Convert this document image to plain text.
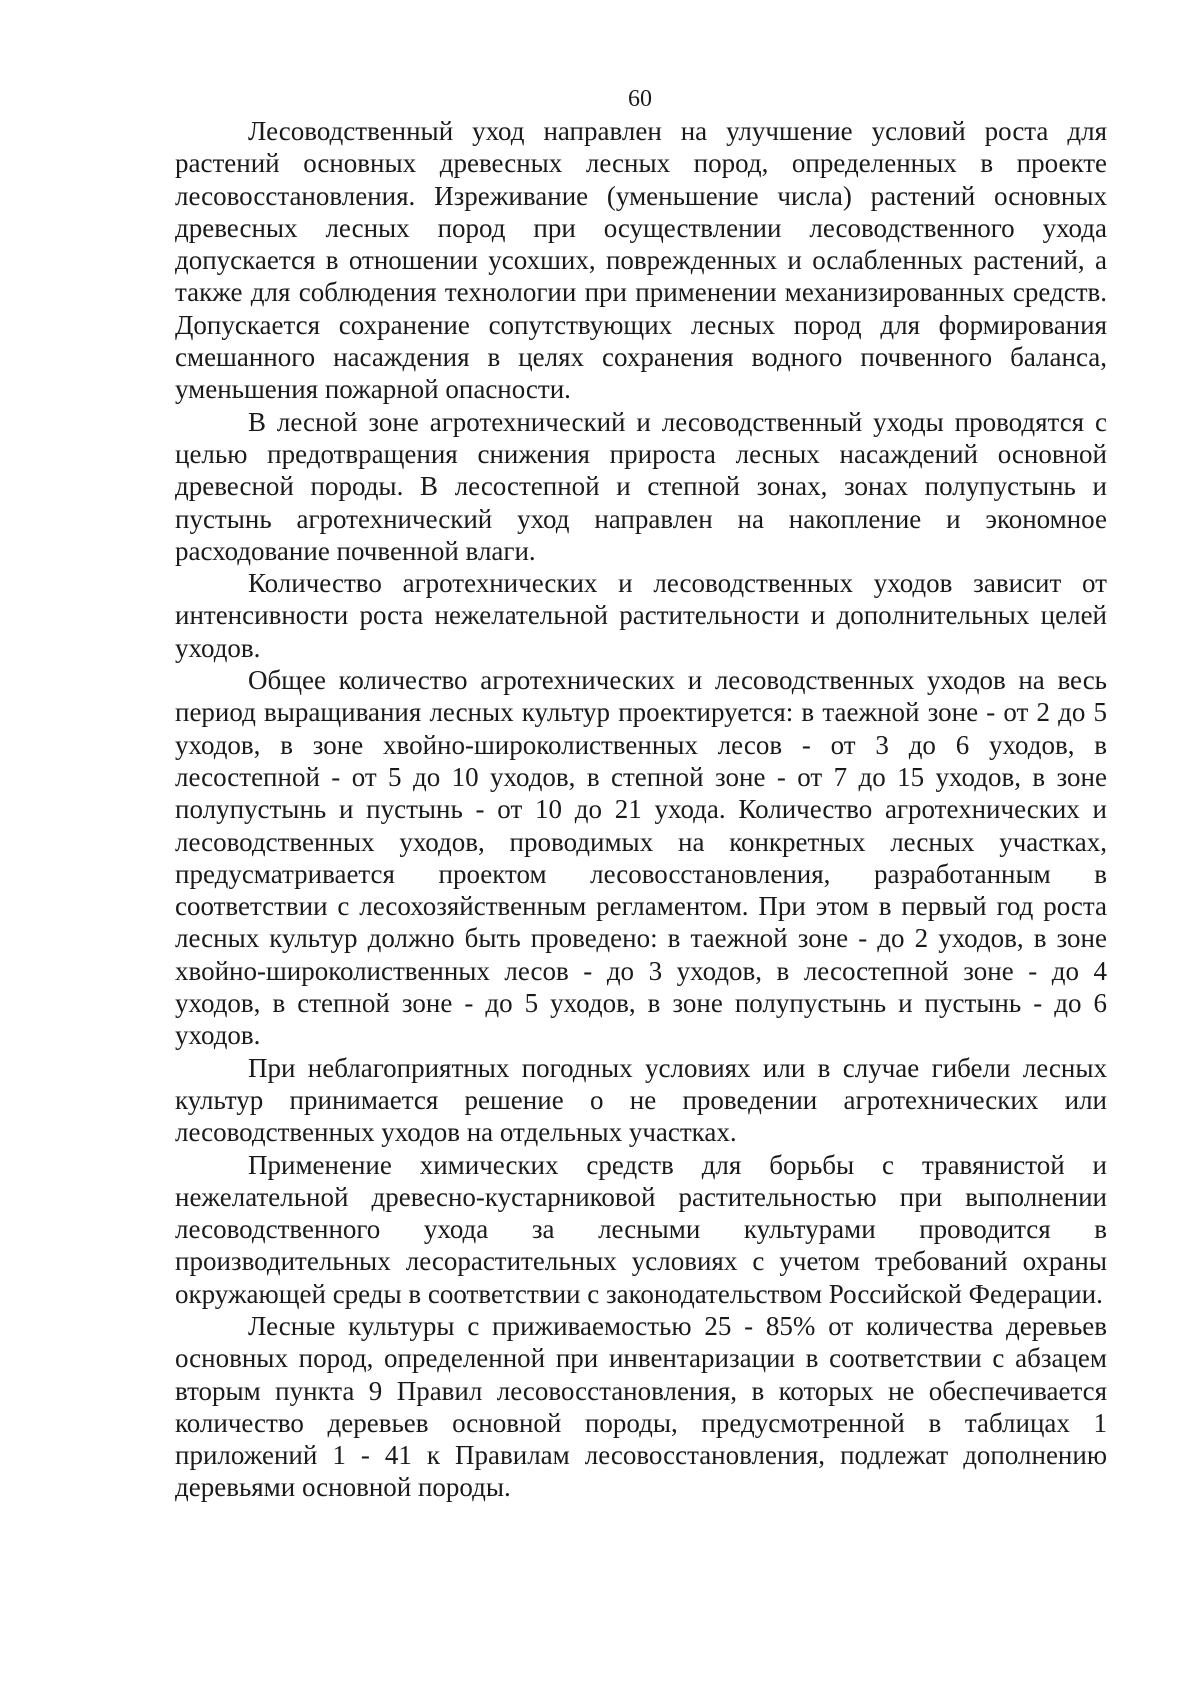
60

Лесоводственный уход направлен на улучшение условий роста для растений основных древесных лесных пород, определенных в проекте лесовосстановления. Изреживание (уменьшение числа) растений основных древесных лесных пород при осуществлении лесоводственного ухода допускается в отношении усохших, поврежденных и ослабленных растений, а также для соблюдения технологии при применении механизированных средств. Допускается сохранение сопутствующих лесных пород для формирования смешанного насаждения в целях сохранения водного почвенного баланса, уменьшения пожарной опасности.

В лесной зоне агротехнический и лесоводственный уходы проводятся с целью предотвращения снижения прироста лесных насаждений основной древесной породы. В лесостепной и степной зонах, зонах полупустынь и пустынь агротехнический уход направлен на накопление и экономное расходование почвенной влаги.

Количество агротехнических и лесоводственных уходов зависит от интенсивности роста нежелательной растительности и дополнительных целей уходов.

Общее количество агротехнических и лесоводственных уходов на весь период выращивания лесных культур проектируется: в таежной зоне - от 2 до 5 уходов, в зоне хвойно-широколиственных лесов - от 3 до 6 уходов, в лесостепной - от 5 до 10 уходов, в степной зоне - от 7 до 15 уходов, в зоне полупустынь и пустынь - от 10 до 21 ухода. Количество агротехнических и лесоводственных уходов, проводимых на конкретных лесных участках, предусматривается проектом лесовосстановления, разработанным в соответствии с лесохозяйственным регламентом. При этом в первый год роста лесных культур должно быть проведено: в таежной зоне - до 2 уходов, в зоне хвойно-широколиственных лесов - до 3 уходов, в лесостепной зоне - до 4 уходов, в степной зоне - до 5 уходов, в зоне полупустынь и пустынь - до 6 уходов.

При неблагоприятных погодных условиях или в случае гибели лесных культур принимается решение о не проведении агротехнических или лесоводственных уходов на отдельных участках.

Применение химических средств для борьбы с травянистой и нежелательной древесно-кустарниковой растительностью при выполнении лесоводственного ухода за лесными культурами проводится в производительных лесорастительных условиях с учетом требований охраны окружающей среды в соответствии с законодательством Российской Федерации.

Лесные культуры с приживаемостью 25 - 85% от количества деревьев основных пород, определенной при инвентаризации в соответствии с абзацем вторым пункта 9 Правил лесовосстановления, в которых не обеспечивается количество деревьев основной породы, предусмотренной в таблицах 1 приложений 1 - 41 к Правилам лесовосстановления, подлежат дополнению деревьями основной породы.
